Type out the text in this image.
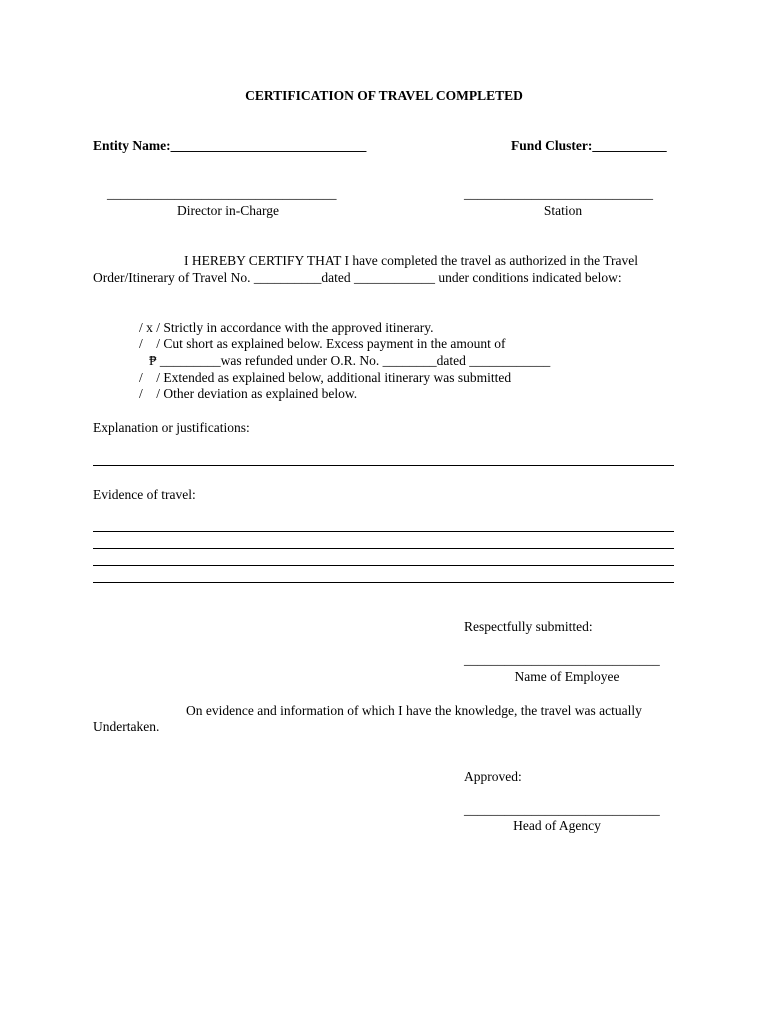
CERTIFICATION OF TRAVEL COMPLETED
Entity Name:_____________________________	Fund Cluster:___________
__________________________________
Director in-Charge
____________________________
Station
I HEREBY CERTIFY THAT I have completed the travel as authorized in the Travel
Order/Itinerary of Travel No. __________dated ____________ under conditions indicated below:
/ x / Strictly in accordance with the approved itinerary.
/    / Cut short as explained below. Excess payment in the amount of
₱ _________was refunded under O.R. No. ________dated ____________
/    / Extended as explained below, additional itinerary was submitted
/    / Other deviation as explained below.
Explanation or justifications:
Evidence of travel:
Respectfully submitted:
_____________________________
Name of Employee
On evidence and information of which I have the knowledge, the travel was actually
Undertaken.
Approved:
_____________________________
Head of Agency
